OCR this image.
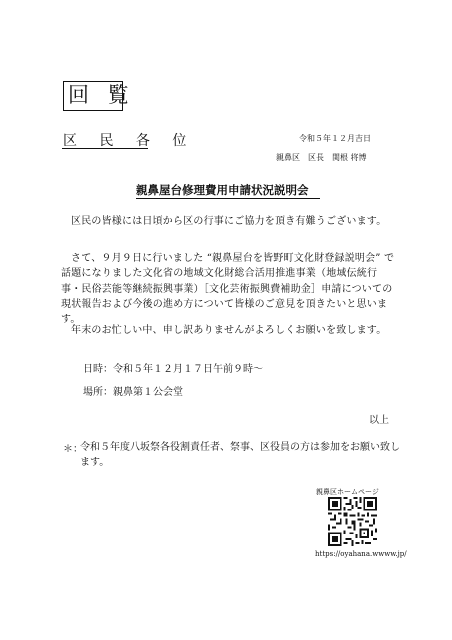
回 覧
区 民 各 位	令和５年１２月吉日
親鼻区　区長　関根 将博
親鼻屋台修理費用申請状況説明会
区民の皆様には日頃から区の行事にご協力を頂き有難うございます。
さて、９月９日に行いました “親鼻屋台を皆野町文化財登録説明会” で話題になりました文化省の地域文化財総合活用推進事業（地域伝統行事・民俗芸能等継続振興事業）［文化芸術振興費補助金］申請についての現状報告および今後の進め方について皆様のご意見を頂きたいと思います。
年末のお忙しい中、申し訳ありませんがよろしくお願いを致します。
日時：令和５年１２月１７日午前９時～
場所：親鼻第１公会堂
以上
＊：
令和５年度八坂祭各役割責任者、祭事、区役員の方は参加をお願い致します。
親鼻区ホームページ
https://oyahana.wwww.jp/
